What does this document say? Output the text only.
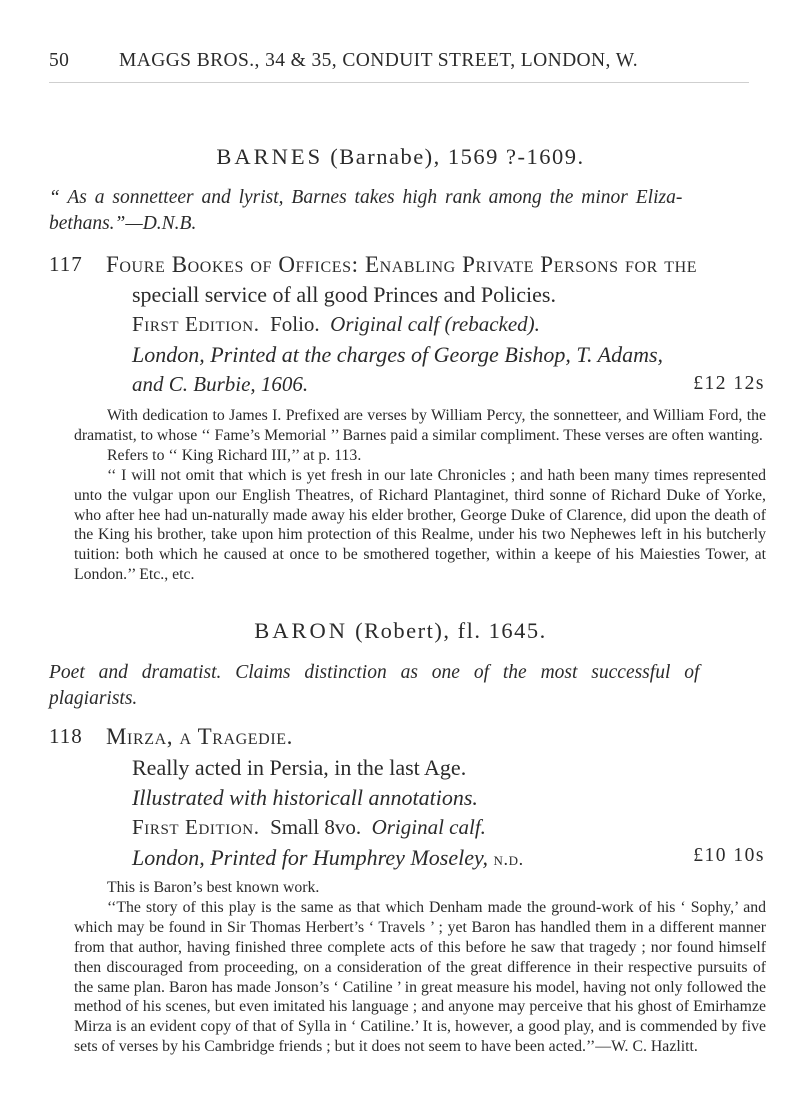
50	MAGGS BROS., 34 & 35, CONDUIT STREET, LONDON, W.
BARNES (Barnabe), 1569 ?-1609.
“ As a sonnetteer and lyrist, Barnes takes high rank among the minor Eliza-bethans.”—D.N.B.
117 Foure Bookes of Offices: Enabling Private Persons for the
speciall service of all good Princes and Policies.
First Edition. Folio. Original calf (rebacked).
London, Printed at the charges of George Bishop, T. Adams,
and C. Burbie, 1606.	£12 12s

With dedication to James I. Prefixed are verses by William Percy, the sonnetteer, and William Ford, the dramatist, to whose ‘‘ Fame’s Memorial ’’ Barnes paid a similar compliment. These verses are often wanting.

Refers to ‘‘ King Richard III,’’ at p. 113.

‘‘ I will not omit that which is yet fresh in our late Chronicles ; and hath been many times represented unto the vulgar upon our English Theatres, of Richard Plantaginet, third sonne of Richard Duke of Yorke, who after hee had un-naturally made away his elder brother, George Duke of Clarence, did upon the death of the King his brother, take upon him protection of this Realme, under his two Nephewes left in his butcherly tuition: both which he caused at once to be smothered together, within a keepe of his Maiesties Tower, at London.’’ Etc., etc.

BARON (Robert), fl. 1645.
Poet and dramatist. Claims distinction as one of the most successful of plagiarists.
118 Mirza, a Tragedie.
Really acted in Persia, in the last Age.
Illustrated with historicall annotations.
First Edition. Small 8vo. Original calf.
London, Printed for Humphrey Moseley, n.d.	£10 10s

This is Baron’s best known work.

‘‘The story of this play is the same as that which Denham made the ground-work of his ‘ Sophy,’ and which may be found in Sir Thomas Herbert’s ‘ Travels ’ ; yet Baron has handled them in a different manner from that author, having finished three complete acts of this before he saw that tragedy ; nor found himself then discouraged from proceeding, on a consideration of the great difference in their respective pursuits of the same plan. Baron has made Jonson’s ‘ Catiline ’ in great measure his model, having not only followed the method of his scenes, but even imitated his language ; and anyone may perceive that his ghost of Emirhamze Mirza is an evident copy of that of Sylla in ‘ Catiline.’ It is, however, a good play, and is commended by five sets of verses by his Cambridge friends ; but it does not seem to have been acted.’’—W. C. Hazlitt.
